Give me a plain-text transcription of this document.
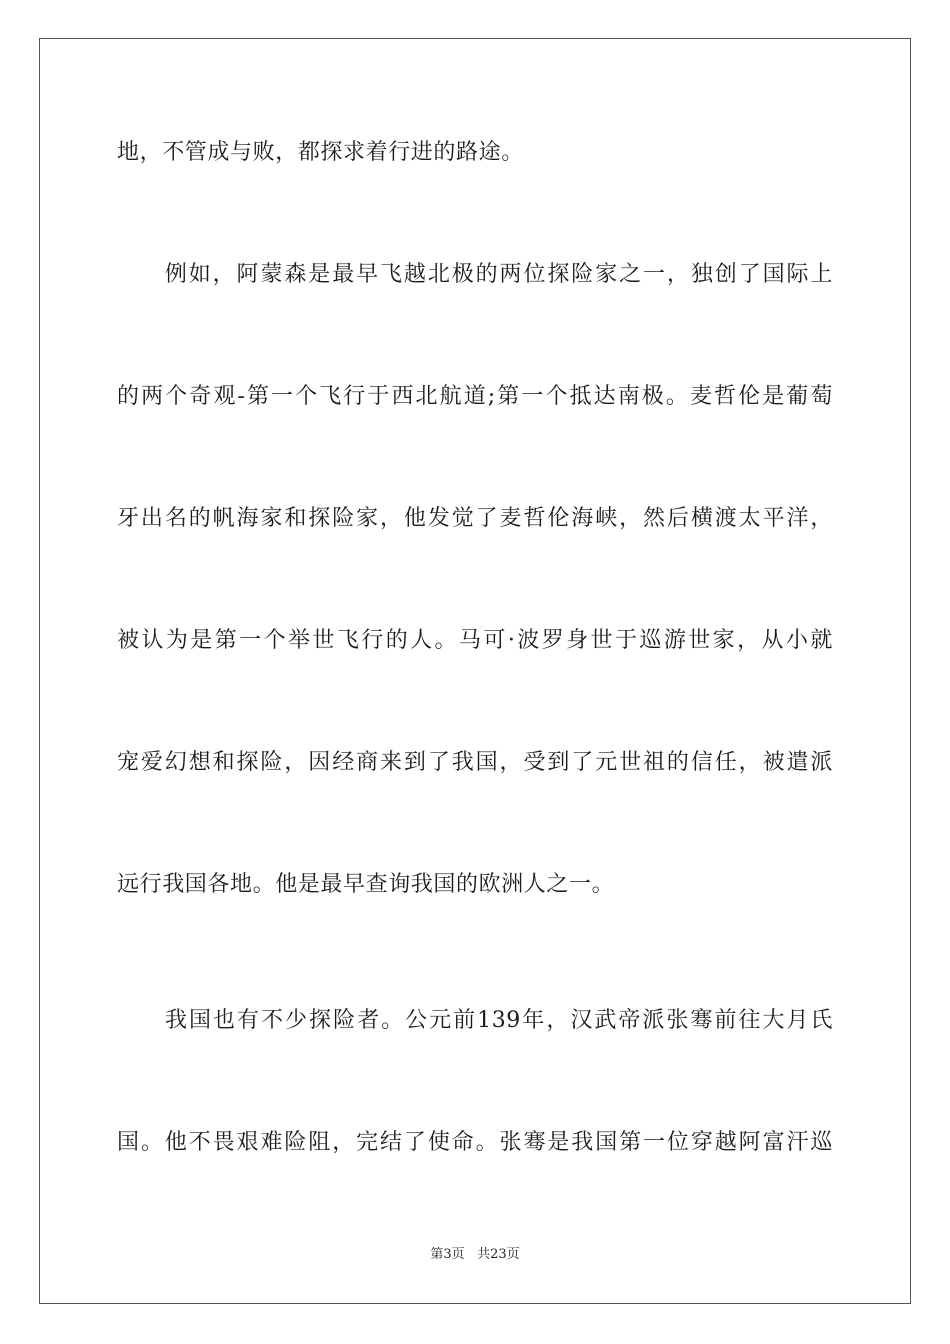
地，不管成与败，都探求着行进的路途。
　　例如，阿蒙森是最早飞越北极的两位探险家之一，独创了国际上
的两个奇观-第一个飞行于西北航道;第一个抵达南极。麦哲伦是葡萄
牙出名的帆海家和探险家，他发觉了麦哲伦海峡，然后横渡太平洋，
被认为是第一个举世飞行的人。马可·波罗身世于巡游世家，从小就
宠爱幻想和探险，因经商来到了我国，受到了元世祖的信任，被遣派
远行我国各地。他是最早查询我国的欧洲人之一。
　　我国也有不少探险者。公元前139年，汉武帝派张骞前往大月氏
国。他不畏艰难险阻，完结了使命。张骞是我国第一位穿越阿富汗巡
第3页 共23页
